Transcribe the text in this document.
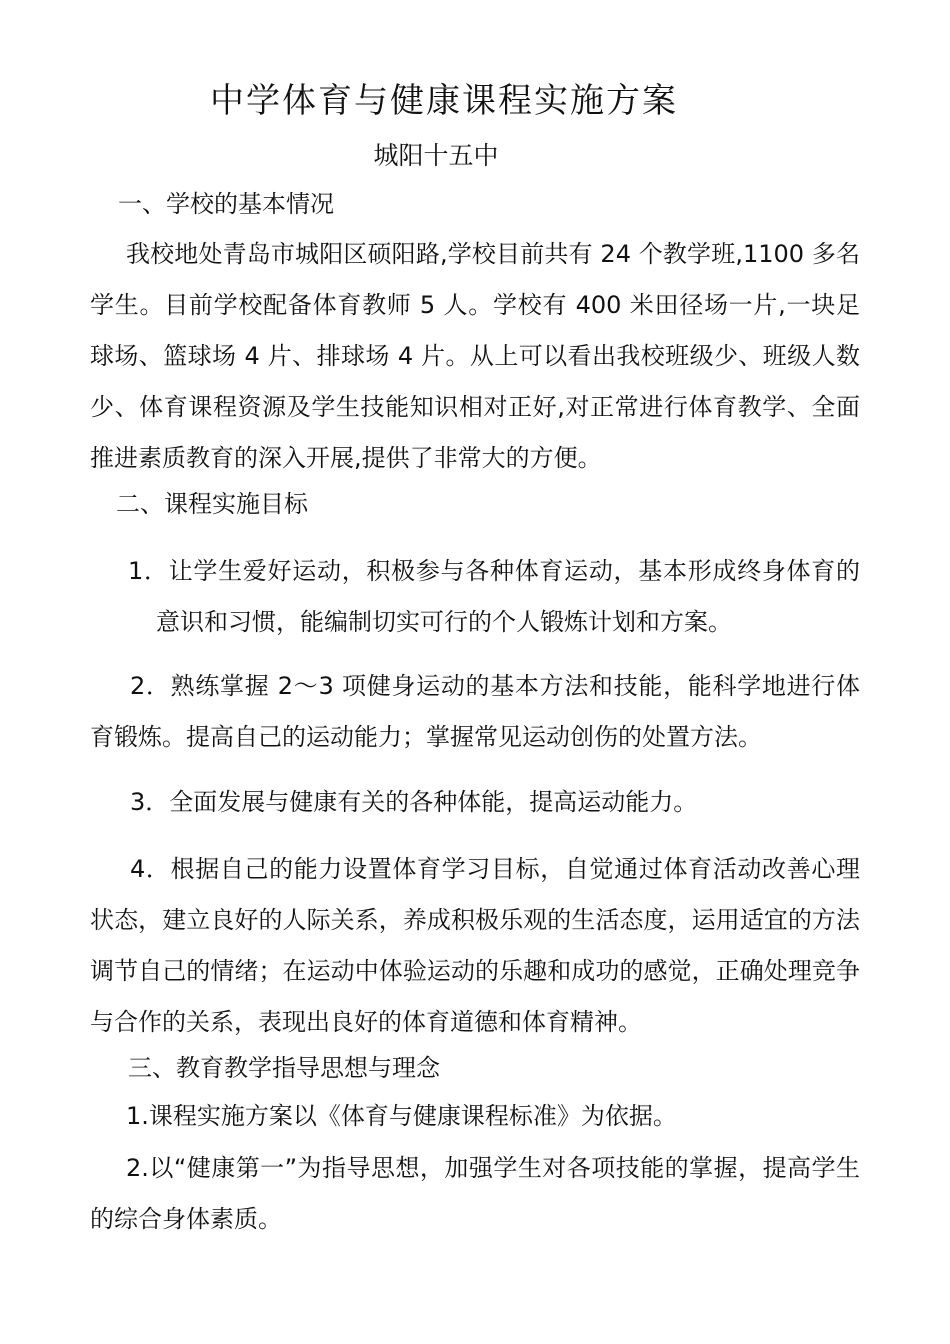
中学体育与健康课程实施方案
城阳十五中
一、学校的基本情况
我校地处青岛市城阳区硕阳路,学校目前共有 24 个教学班,1100 多名学生。目前学校配备体育教师 5 人。学校有 400 米田径场一片,一块足球场、篮球场 4 片、排球场 4 片。从上可以看出我校班级少、班级人数少、体育课程资源及学生技能知识相对正好,对正常进行体育教学、全面推进素质教育的深入开展,提供了非常大的方便。
二、课程实施目标
1．让学生爱好运动，积极参与各种体育运动，基本形成终身体育的意识和习惯，能编制切实可行的个人锻炼计划和方案。
2．熟练掌握 2～3 项健身运动的基本方法和技能，能科学地进行体育锻炼。提高自己的运动能力；掌握常见运动创伤的处置方法。
3．全面发展与健康有关的各种体能，提高运动能力。
4．根据自己的能力设置体育学习目标，自觉通过体育活动改善心理状态，建立良好的人际关系，养成积极乐观的生活态度，运用适宜的方法调节自己的情绪；在运动中体验运动的乐趣和成功的感觉，正确处理竞争与合作的关系，表现出良好的体育道德和体育精神。
三、教育教学指导思想与理念
1.课程实施方案以《体育与健康课程标准》为依据。
2.以“健康第一”为指导思想，加强学生对各项技能的掌握，提高学生的综合身体素质。
